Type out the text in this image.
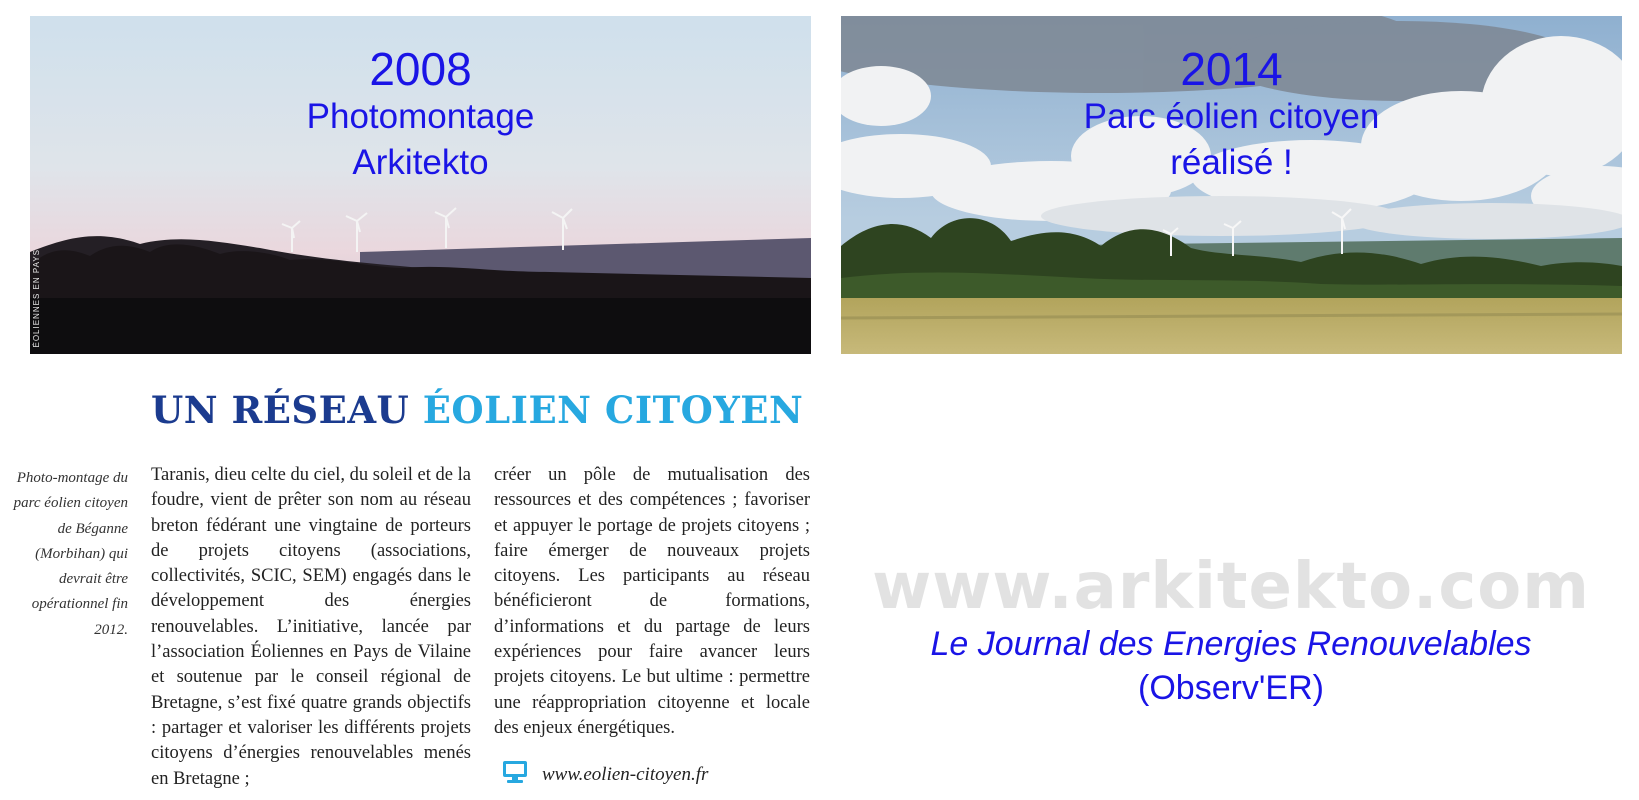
2008
Photomontage
Arkitekto
ÉOLIENNES EN PAYS
2014
Parc éolien citoyen
réalisé !
UN RÉSEAU ÉOLIEN CITOYEN
Photo-montage du parc éolien citoyen de Béganne (Morbihan) qui devrait être opérationnel fin 2012.
Taranis, dieu celte du ciel, du soleil et de la foudre, vient de prêter son nom au réseau breton fédérant une vingtaine de porteurs de projets citoyens (associations, collectivités, SCIC, SEM) engagés dans le développement des énergies renouvelables. L’initiative, lancée par l’association Éoliennes en Pays de Vilaine et soutenue par le conseil régional de Bretagne, s’est fixé quatre grands objectifs : partager et valoriser les différents projets citoyens d’énergies renouvelables menés en Bretagne ;
créer un pôle de mutualisation des ressources et des compétences ; favoriser et appuyer le portage de projets citoyens ; faire émerger de nouveaux projets citoyens. Les participants au réseau bénéficieront de formations, d’informations et du partage de leurs expériences pour faire avancer leurs projets citoyens. Le but ultime : permettre une réappropriation citoyenne et locale des enjeux énergétiques.
www.eolien-citoyen.fr
www.arkitekto.com
Le Journal des Energies Renouvelables
(Observ'ER)
